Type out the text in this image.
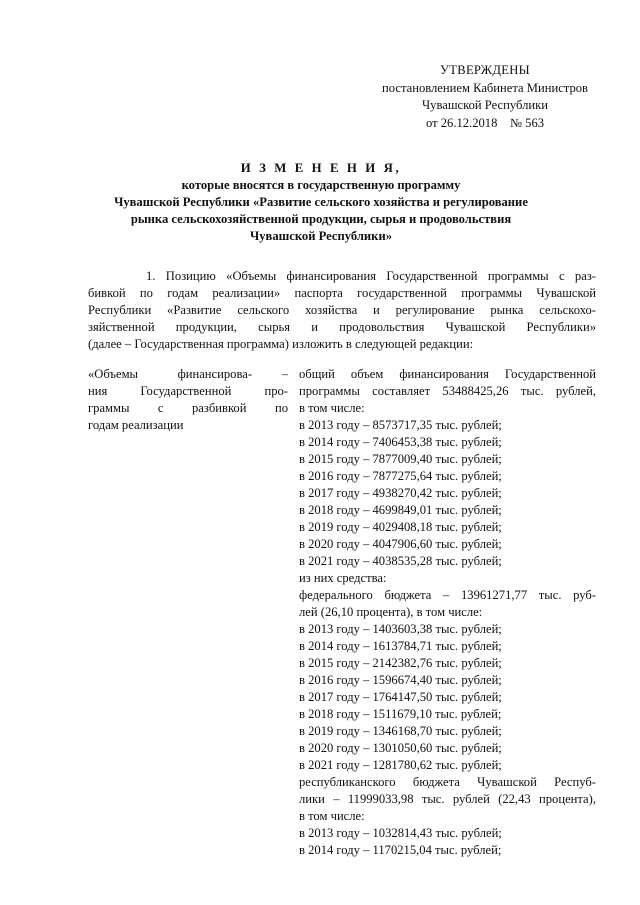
УТВЕРЖДЕНЫ
постановлением Кабинета Министров
Чувашской Республики
от 26.12.2018    № 563
И З М Е Н Е Н И Я,
которые вносятся в государственную программу
Чувашской Республики «Развитие сельского хозяйства и регулирование
рынка сельскохозяйственной продукции, сырья и продовольствия
Чувашской Республики»
1. Позицию «Объемы финансирования Государственной программы с раз-
бивкой по годам реализации» паспорта государственной программы Чувашской
Республики «Развитие сельского хозяйства и регулирование рынка сельскохо-
зяйственной продукции, сырья и продовольствия Чувашской Республики»
(далее – Государственная программа) изложить в следующей редакции:
«Объемы    финансирова-   –
ния Государственной про-
граммы  с  разбивкой  по
годам реализации
общий объем финансирования Государственной
программы составляет 53488425,26 тыс. рублей,
в том числе:
в 2013 году – 8573717,35 тыс. рублей;
в 2014 году – 7406453,38 тыс. рублей;
в 2015 году – 7877009,40 тыс. рублей;
в 2016 году – 7877275,64 тыс. рублей;
в 2017 году – 4938270,42 тыс. рублей;
в 2018 году – 4699849,01 тыс. рублей;
в 2019 году – 4029408,18 тыс. рублей;
в 2020 году – 4047906,60 тыс. рублей;
в 2021 году – 4038535,28 тыс. рублей;
из них средства:
федерального бюджета – 13961271,77 тыс. руб-
лей (26,10 процента), в том числе:
в 2013 году – 1403603,38 тыс. рублей;
в 2014 году – 1613784,71 тыс. рублей;
в 2015 году – 2142382,76 тыс. рублей;
в 2016 году – 1596674,40 тыс. рублей;
в 2017 году – 1764147,50 тыс. рублей;
в 2018 году – 1511679,10 тыс. рублей;
в 2019 году – 1346168,70 тыс. рублей;
в 2020 году – 1301050,60 тыс. рублей;
в 2021 году – 1281780,62 тыс. рублей;
республиканского бюджета Чувашской Респуб-
лики – 11999033,98 тыс. рублей (22,43 процента),
в том числе:
в 2013 году – 1032814,43 тыс. рублей;
в 2014 году – 1170215,04 тыс. рублей;
